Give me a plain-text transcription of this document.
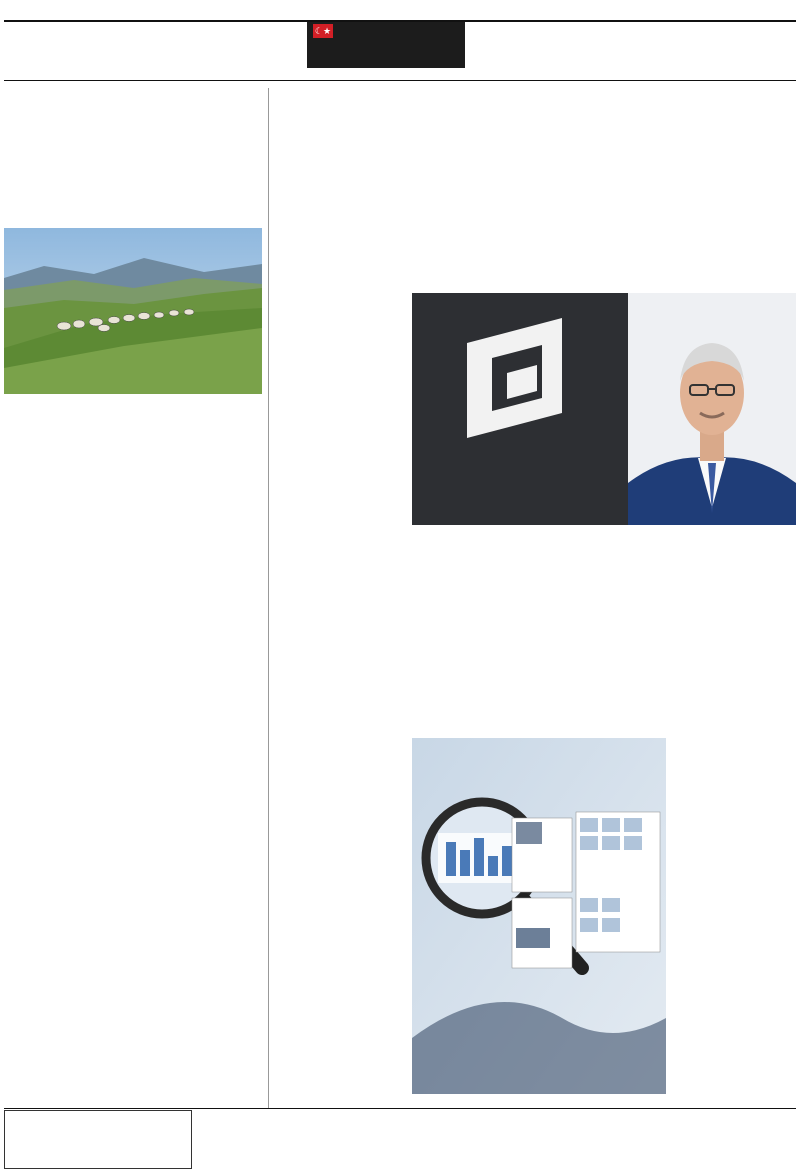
☾★
